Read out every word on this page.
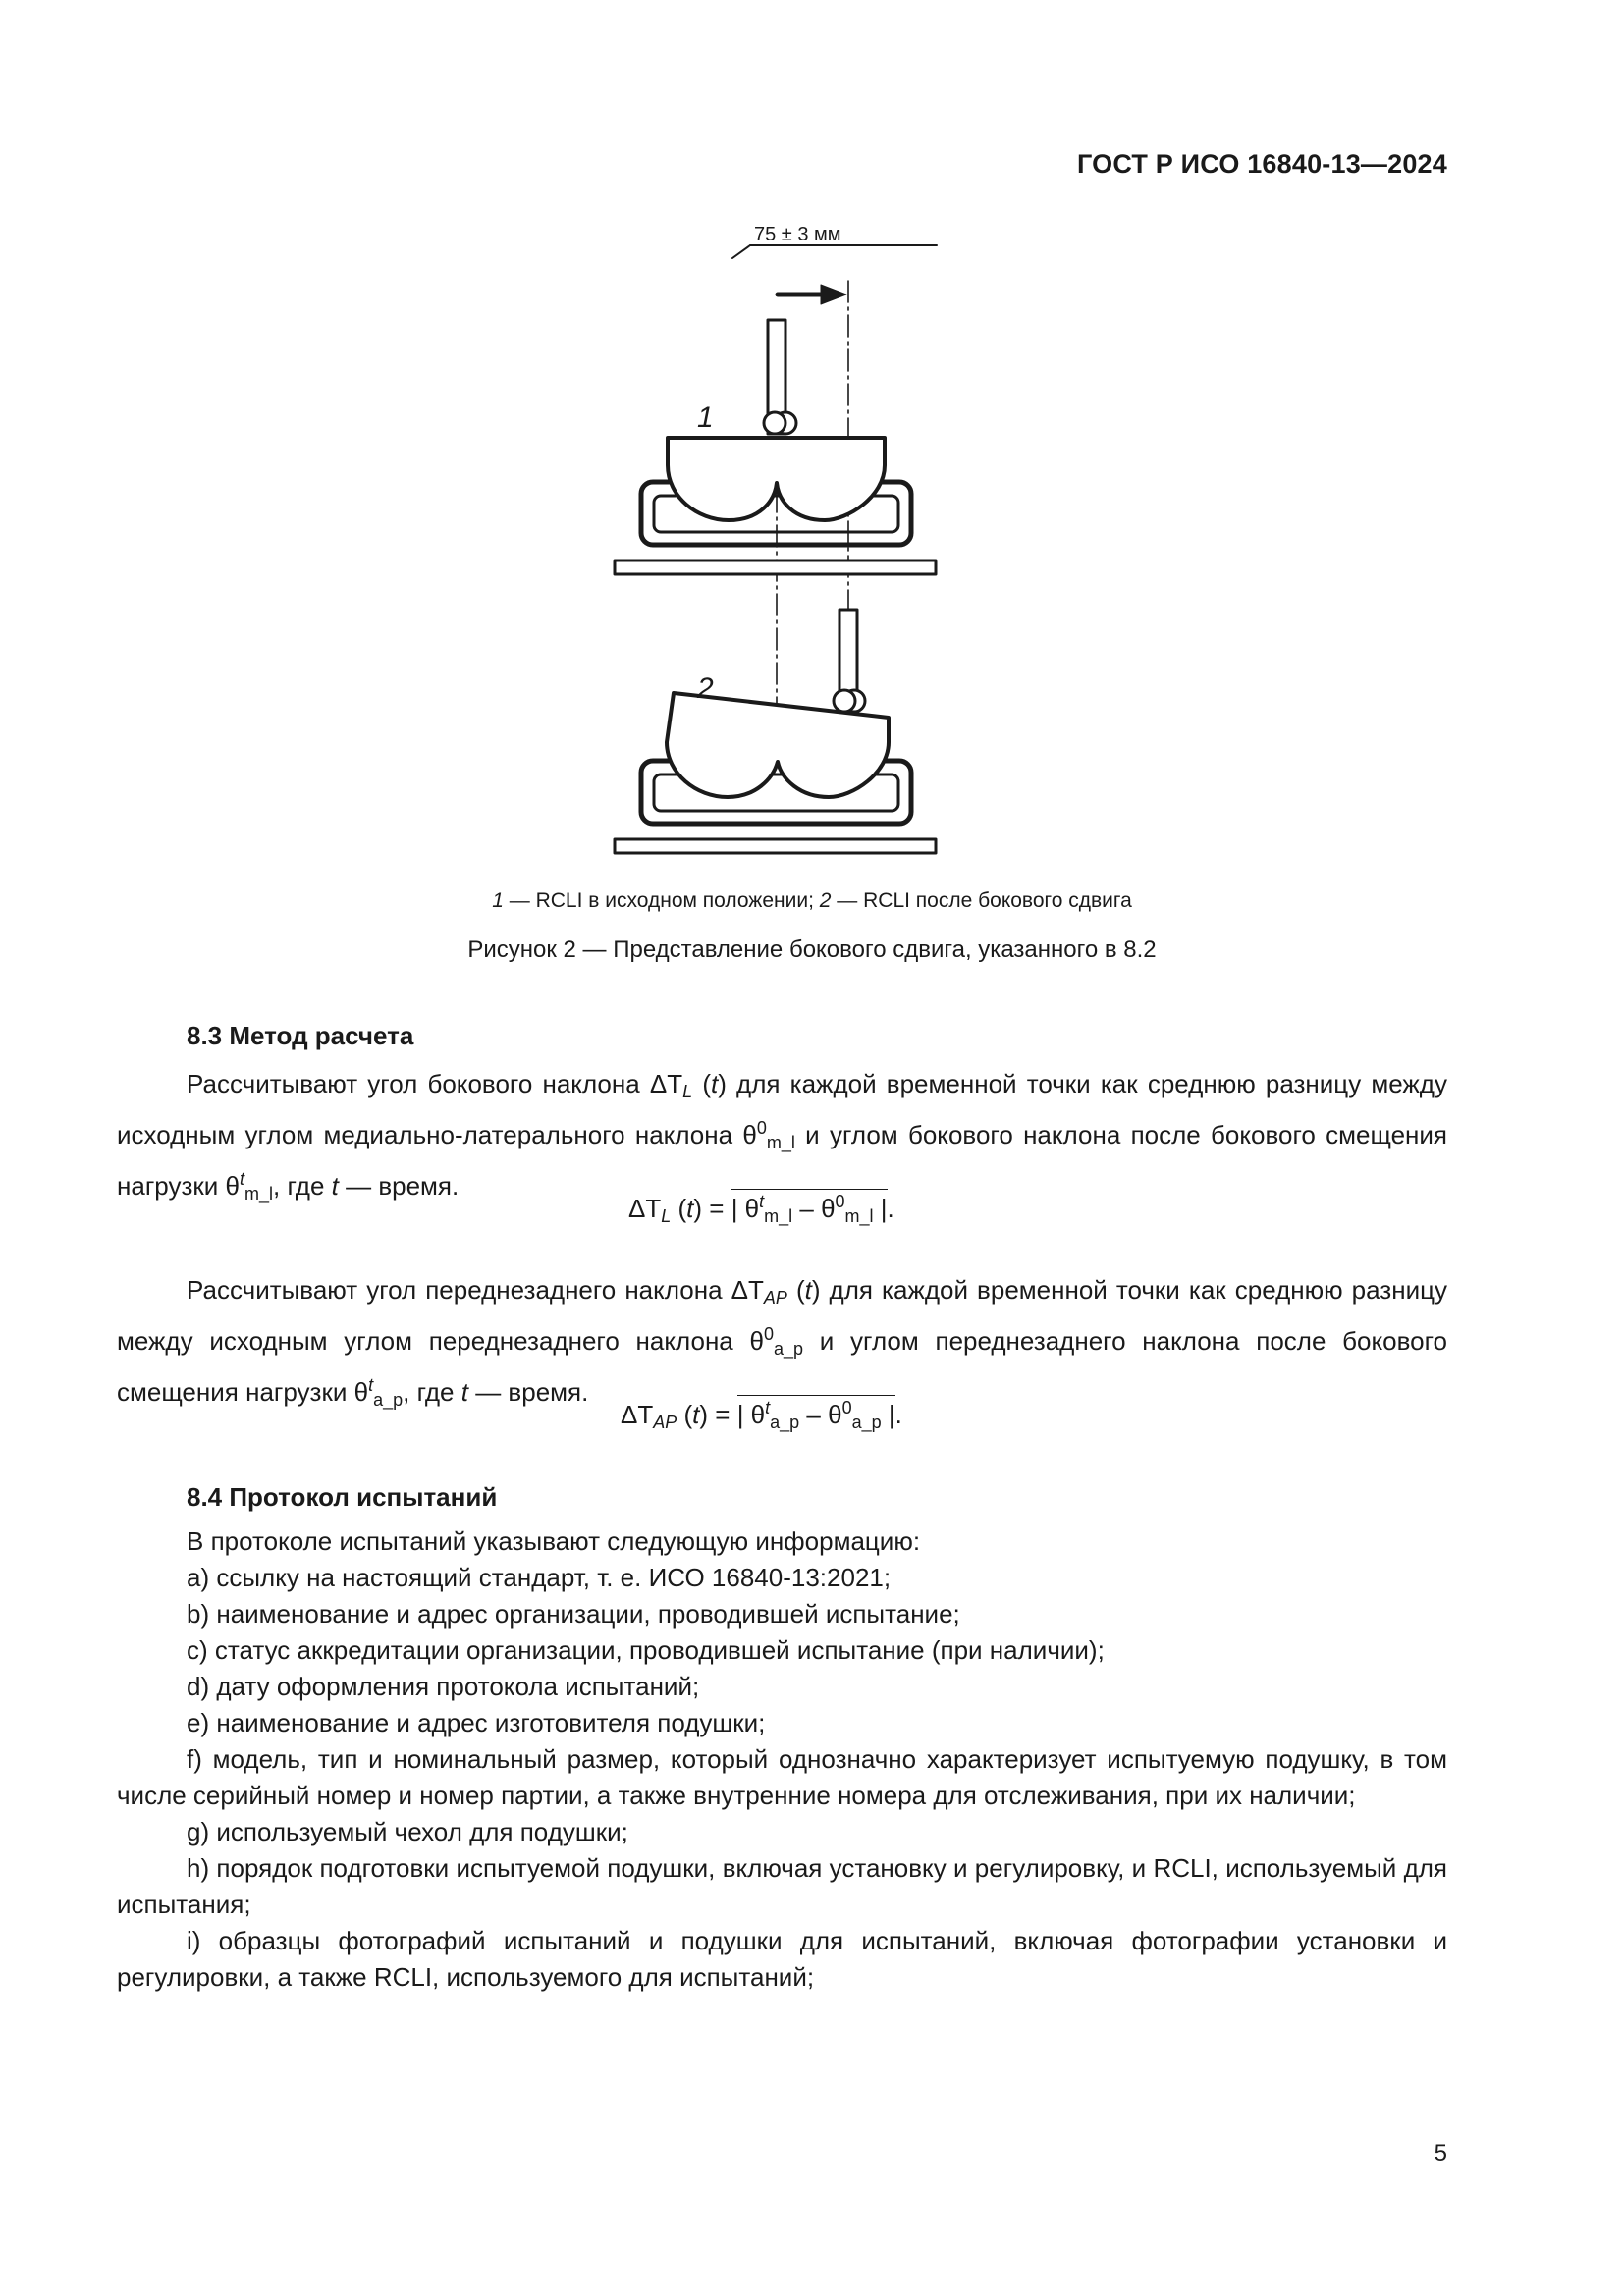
ГОСТ Р ИСО 16840-13—2024
75 ± 3 мм
1
2
1 — RCLI в исходном положении; 2 — RCLI после бокового сдвига
Рисунок 2 — Представление бокового сдвига, указанного в 8.2
8.3 Метод расчета

Рассчитывают угол бокового наклона $\Delta T_L$ (t) для каждой временной точки как среднюю разницу между исходным углом медиально-латерального наклона $\theta^0_{m\_l}$ и углом бокового наклона после бокового смещения нагрузки $\theta^t_{m\_l}$, где t — время.

$\Delta T_L$ (t) = | $\theta^t_{m\_l} - \theta^0_{m\_l}$ |.

Рассчитывают угол переднезаднего наклона $\Delta T_{AP}$ (t) для каждой временной точки как среднюю разницу между исходным углом переднезаднего наклона $\theta^0_{a\_p}$ и углом переднезаднего наклона после бокового смещения нагрузки $\theta^t_{a\_p}$, где t — время.

$\Delta T_{AP}$ (t) = | $\theta^t_{a\_p} - \theta^0_{a\_p}$ |.
8.4 Протокол испытаний

В протоколе испытаний указывают следующую информацию:

a) ссылку на настоящий стандарт, т. е. ИСО 16840-13:2021;

b) наименование и адрес организации, проводившей испытание;

c) статус аккредитации организации, проводившей испытание (при наличии);

d) дату оформления протокола испытаний;

e) наименование и адрес изготовителя подушки;

f) модель, тип и номинальный размер, который однозначно характеризует испытуемую подушку, в том числе серийный номер и номер партии, а также внутренние номера для отслеживания, при их наличии;

g) используемый чехол для подушки;

h) порядок подготовки испытуемой подушки, включая установку и регулировку, и RCLI, используемый для испытания;

i) образцы фотографий испытаний и подушки для испытаний, включая фотографии установки и регулировки, а также RCLI, используемого для испытаний;

5
